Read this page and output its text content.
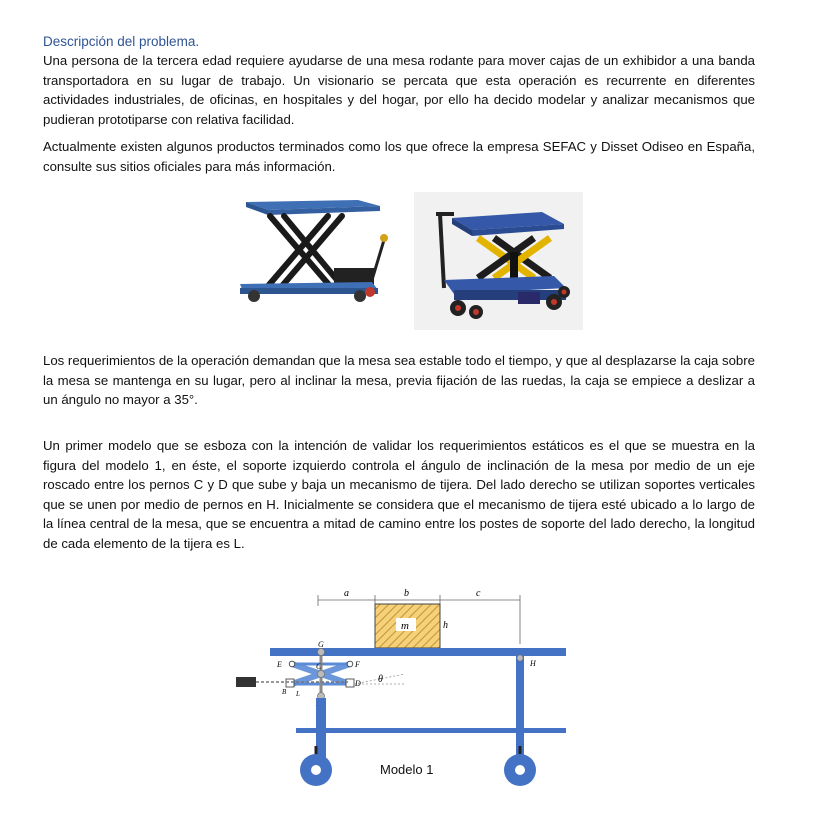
Descripción del problema.

Una persona de la tercera edad requiere ayudarse de una mesa rodante para mover cajas de un exhibidor a una banda transportadora en su lugar de trabajo. Un visionario se percata que esta operación es recurrente en diferentes actividades industriales, de oficinas, en hospitales y del hogar, por ello ha decido modelar y analizar mecanismos que pudieran prototiparse con relativa facilidad.

Actualmente existen algunos productos terminados como los que ofrece la empresa SEFAC y Disset Odiseo en España, consulte sus sitios oficiales para más información.

Los requerimientos de la operación demandan que la mesa sea estable todo el tiempo, y que al desplazarse la caja sobre la mesa se mantenga en su lugar, pero al inclinar la mesa, previa fijación de las ruedas, la caja se empiece a deslizar a un ángulo no mayor a 35°.

Un primer modelo que se esboza con la intención de validar los requerimientos estáticos es el que se muestra en la figura del modelo 1, en éste, el soporte izquierdo controla el ángulo de inclinación de la mesa por medio de un eje roscado entre los pernos C y D que sube y baja un mecanismo de tijera. Del lado derecho se utilizan soportes verticales que se unen por medio de pernos en H. Inicialmente se considera que el mecanismo de tijera esté ubicado a lo largo de la línea central de la mesa, que se encuentra a mitad de camino entre los postes de soporte del lado derecho, la longitud de cada elemento de la tijera es L.

a	b	c
m	h
G
E	F
C
B L
D θ
H
Modelo 1
